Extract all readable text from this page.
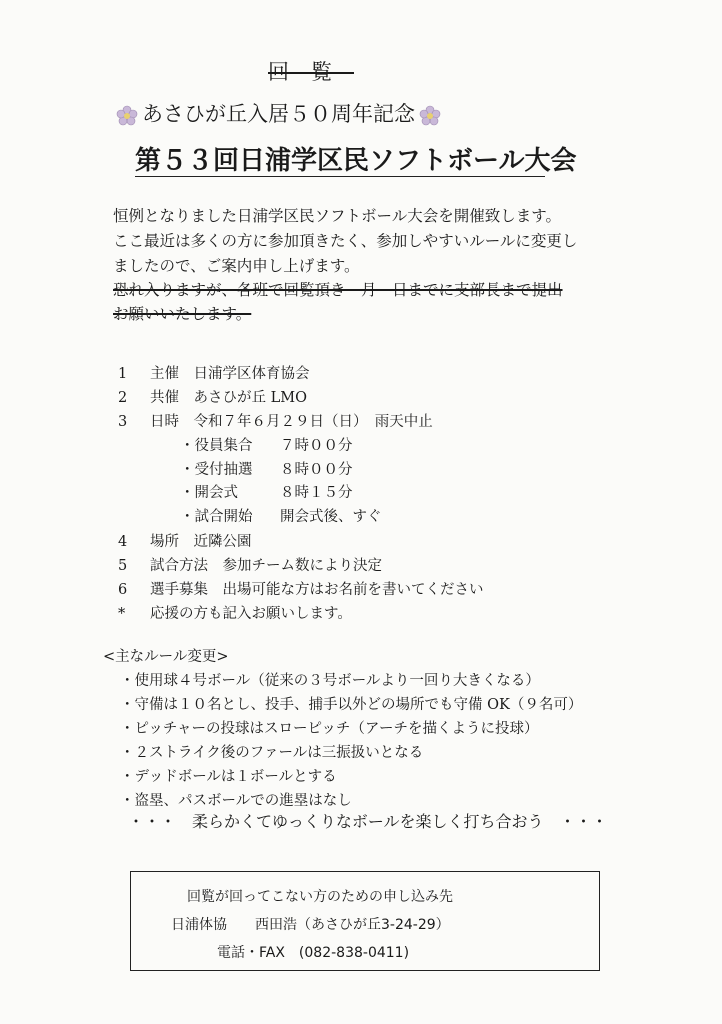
回覧
あさひが丘入居５０周年記念
第５３回日浦学区民ソフトボール大会
恒例となりました日浦学区民ソフトボール大会を開催致します。
ここ最近は多くの方に参加頂きたく、参加しやすいルールに変更し
ましたので、ご案内申し上げます。
恐れ入りますが、各班で回覧頂き　月　日までに支部長まで提出
お願いいたします。
1 主催　日浦学区体育協会
2 共催　あさひが丘 LMO
3 日時　令和７年６月２９日（日）　雨天中止
・役員集合 ７時００分
・受付抽選 ８時００分
・開会式	８時１５分
・試合開始 開会式後、すぐ
4 場所　近隣公園
5 試合方法　参加チーム数により決定
6 選手募集　出場可能な方はお名前を書いてください
* 応援の方も記入お願いします。
<主なルール変更>
・使用球４号ボール（従来の３号ボールより一回り大きくなる）
・守備は１０名とし、投手、捕手以外どの場所でも守備 OK（９名可）
・ピッチャーの投球はスローピッチ（アーチを描くように投球）
・２ストライク後のファールは三振扱いとなる
・デッドボールは１ボールとする
・盗塁、パスボールでの進塁はなし
・・・　柔らかくてゆっくりなボールを楽しく打ち合おう　・・・
回覧が回ってこない方のための申し込み先
日浦体協　　西田浩（あさひが丘3-24-29）
電話・FAX　(082-838-0411)
